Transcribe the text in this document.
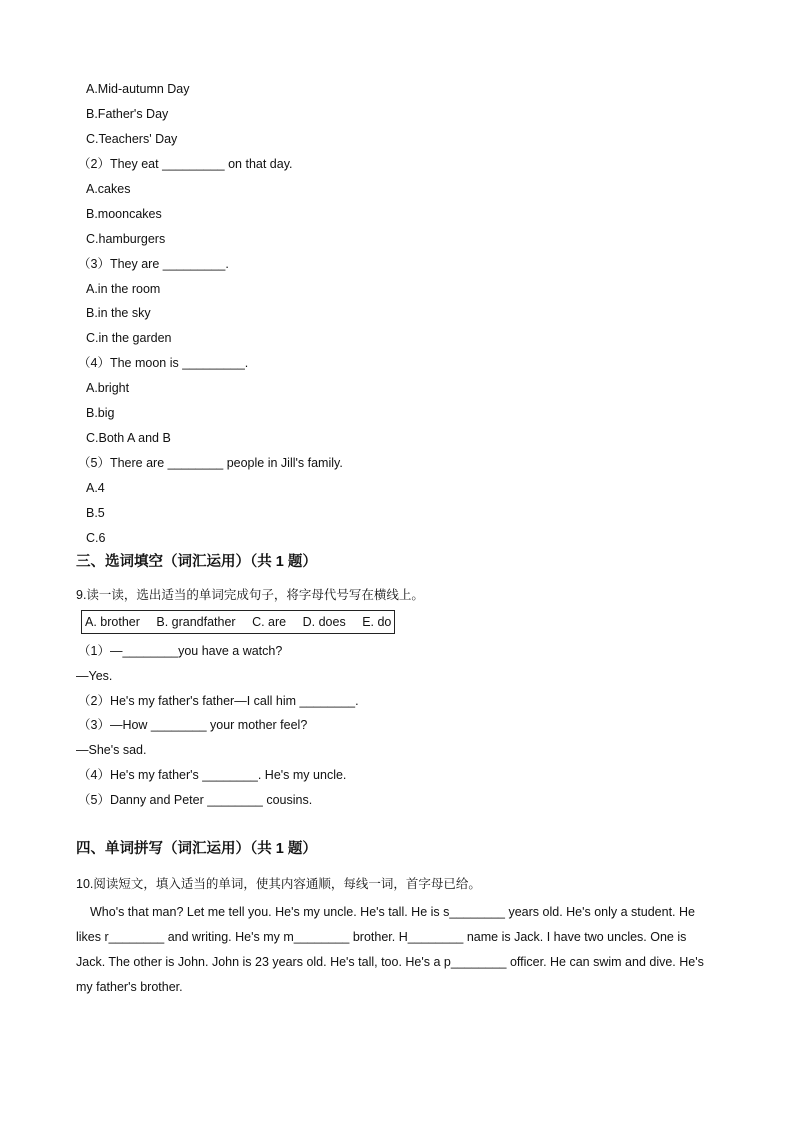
A.Mid-autumn Day
B.Father's Day
C.Teachers' Day
（2）They eat _________ on that day.
A.cakes
B.mooncakes
C.hamburgers
（3）They are _________.
A.in the room
B.in the sky
C.in the garden
（4）The moon is _________.
A.bright
B.big
C.Both A and B
（5）There are ________ people in Jill's family.
A.4
B.5
C.6
三、选词填空（词汇运用）（共 1 题）
9.读一读，选出适当的单词完成句子，将字母代号写在横线上。
A. brother B. grandfather C. are D. does E. do
（1）—________you have a watch?
—Yes.
（2）He's my father's father—I call him ________.
（3）—How ________ your mother feel?
—She's sad.
（4）He's my father's ________. He's my uncle.
（5）Danny and Peter ________ cousins.
四、单词拼写（词汇运用）（共 1 题）
10.阅读短文，填入适当的单词，使其内容通顺，每线一词，首字母已给。
Who's that man? Let me tell you. He's my uncle. He's tall. He is s________ years old. He's only a student. He likes r________ and writing. He's my m________ brother. H________ name is Jack. I have two uncles. One is Jack. The other is John. John is 23 years old. He's tall, too. He's a p________ officer. He can swim and dive. He's my father's brother.
